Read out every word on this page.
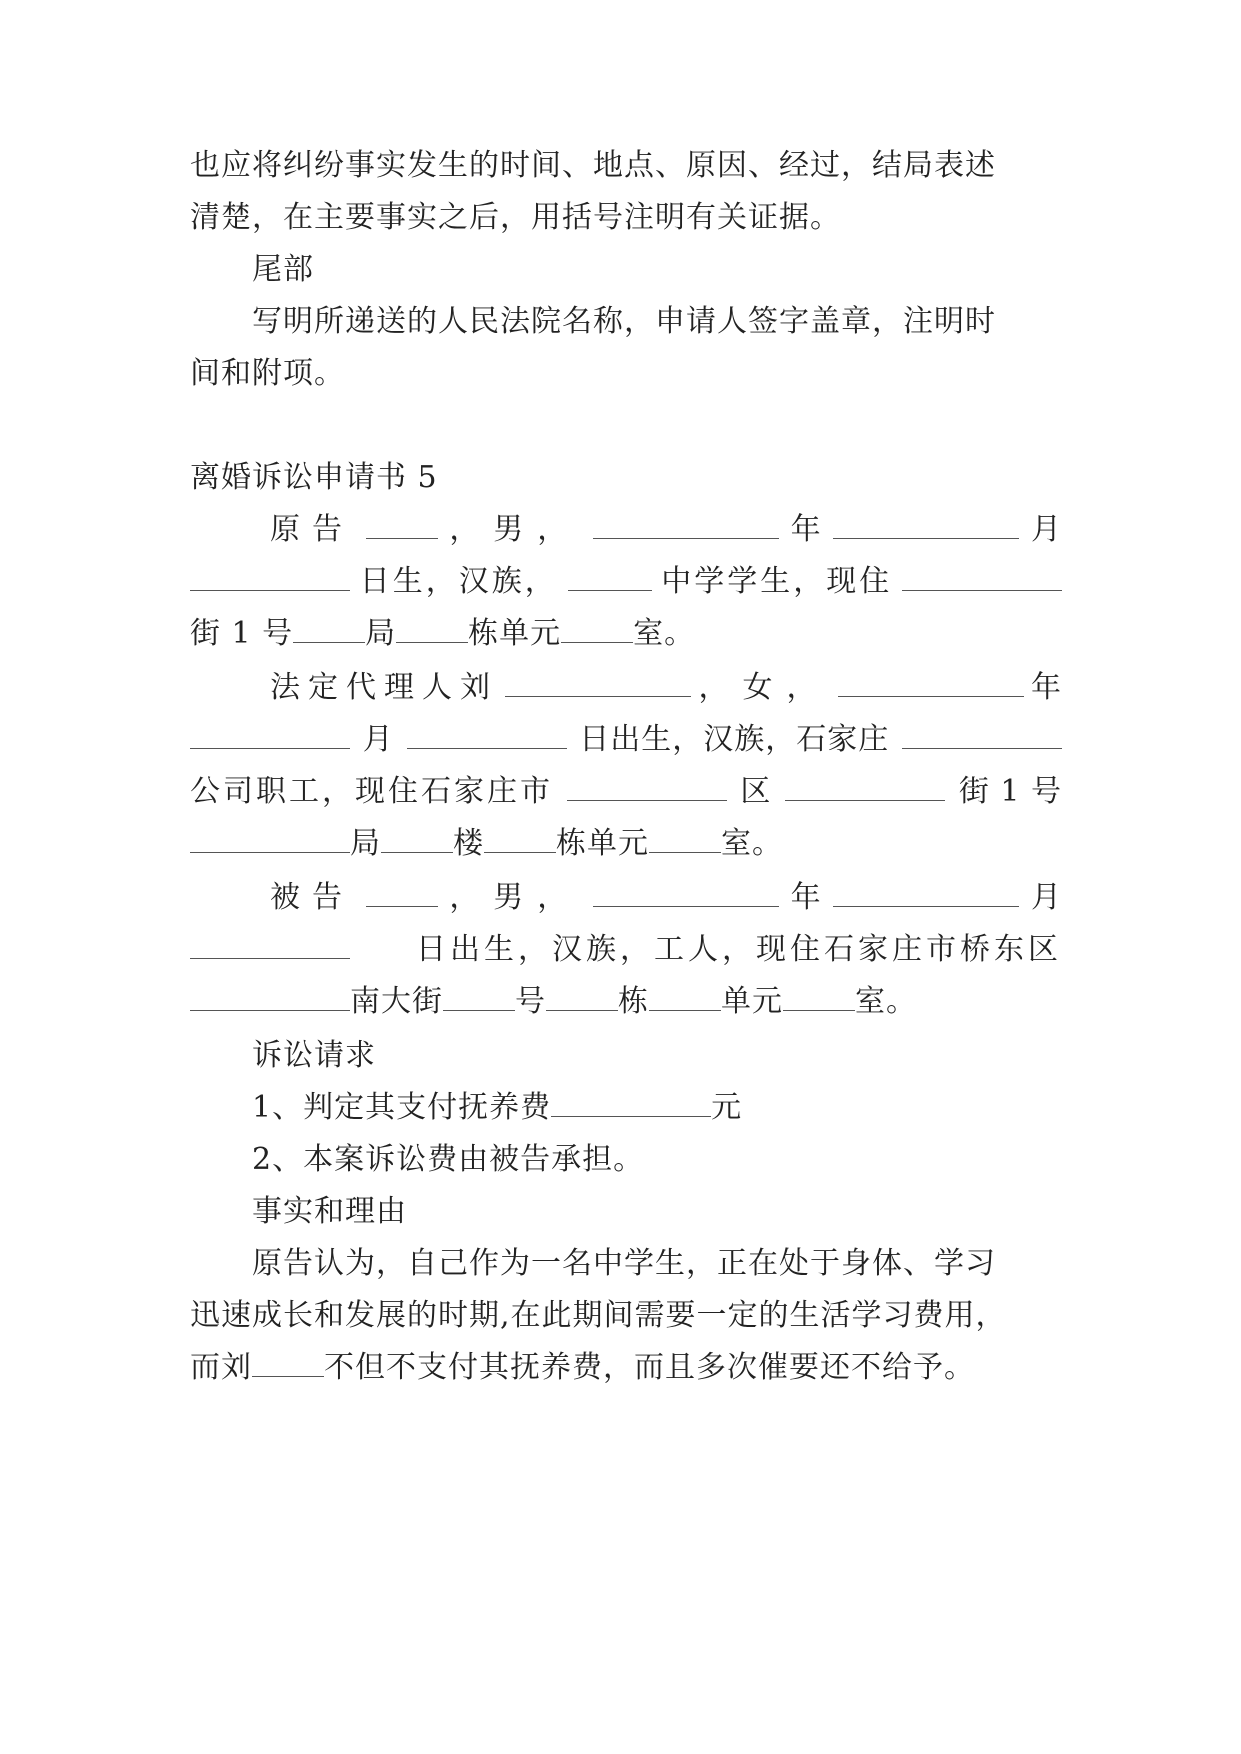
也应将纠纷事实发生的时间、地点、原因、经过，结局表述
清楚，在主要事实之后，用括号注明有关证据。
尾部
写明所递送的人民法院名称，申请人签字盖章，注明时
间和附项。
离婚诉讼申请书 5
原告	，男，	年	月
日生，汉族，	中学学生，现住
街 1 号 局 栋单元 室。
法定代理人刘	，女，	年
月	日出生，汉族，石家庄
公司职工，现住石家庄市	区	街 1 号
局 楼 栋单元 室。
被告	，男，	年	月
日出生，汉族，工人，现住石家庄市桥东区
南大街 号 栋 单元 室。
诉讼请求
1、判定其支付抚养费	元
2、本案诉讼费由被告承担。
事实和理由
原告认为，自己作为一名中学生，正在处于身体、学习
迅速成长和发展的时期,在此期间需要一定的生活学习费用，
而刘 不但不支付其抚养费，而且多次催要还不给予。
